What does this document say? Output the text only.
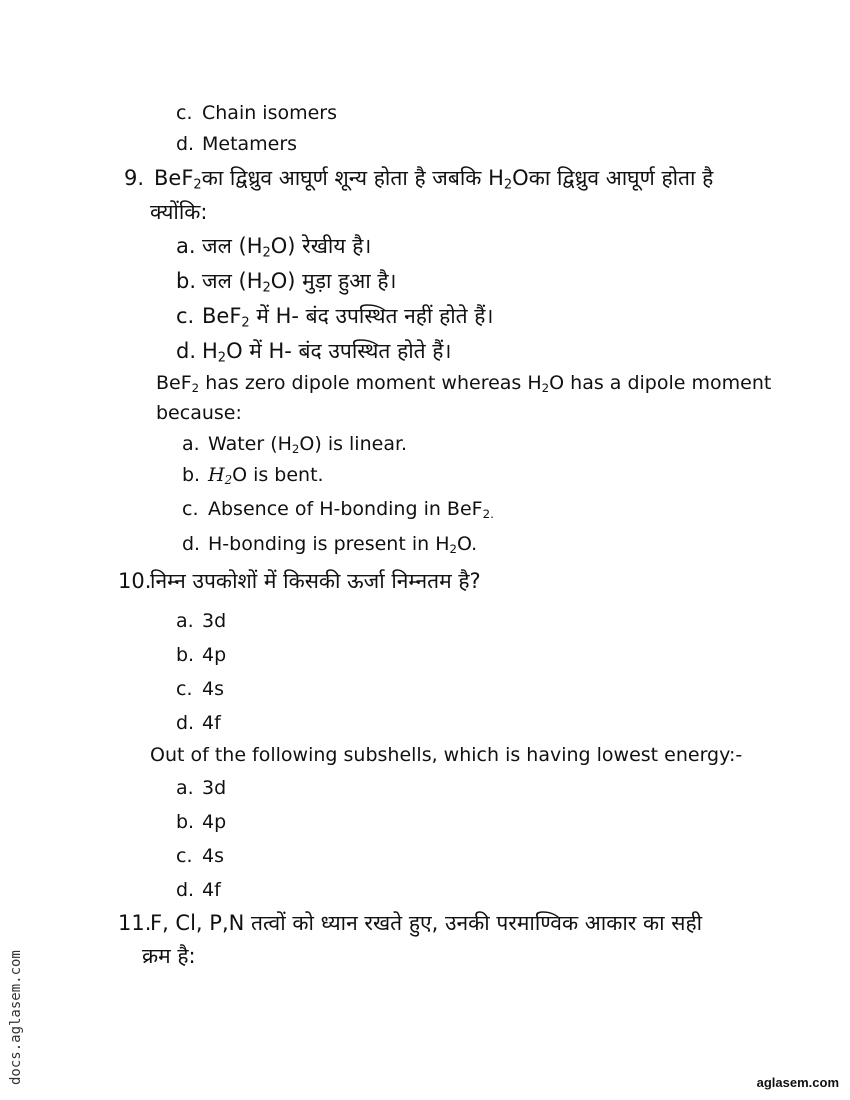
c. Chain isomers
d. Metamers
9. BeF$_2$का द्विध्रुव आघूर्ण शून्य होता है जबकि $H_2Oका$ द्विध्रुव आघूर्ण होता है
क्योंकि:
a. जल $(H_2O)$ रेखीय है।
b. जल $(H_2O)$ मुड़ा हुआ है।
c. BeF$_2$ में H- बंद उपस्थित नहीं होते हैं।
d. $H_2O$ में H- बंद उपस्थित होते हैं।
BeF$_2$ has zero dipole moment whereas $H_2O$ has a dipole moment
because:
a. Water $(H_2O)$ is linear.
b. $H_2O$ is bent.
c. Absence of H-bonding in BeF$_{2.}$
d. H-bonding is present in $H_2O$.
10.निम्न उपकोशों में किसकी ऊर्जा निम्नतम है?
a. 3d
b. 4p
c. 4s
d. 4f
Out of the following subshells, which is having lowest energy:-
a. 3d
b. 4p
c. 4s
d. 4f
11.F, Cl, P,N तत्वों को ध्यान रखते हुए, उनकी परमाण्विक आकार का सही
क्रम है:
docs.aglasem.com	aglasem.com
